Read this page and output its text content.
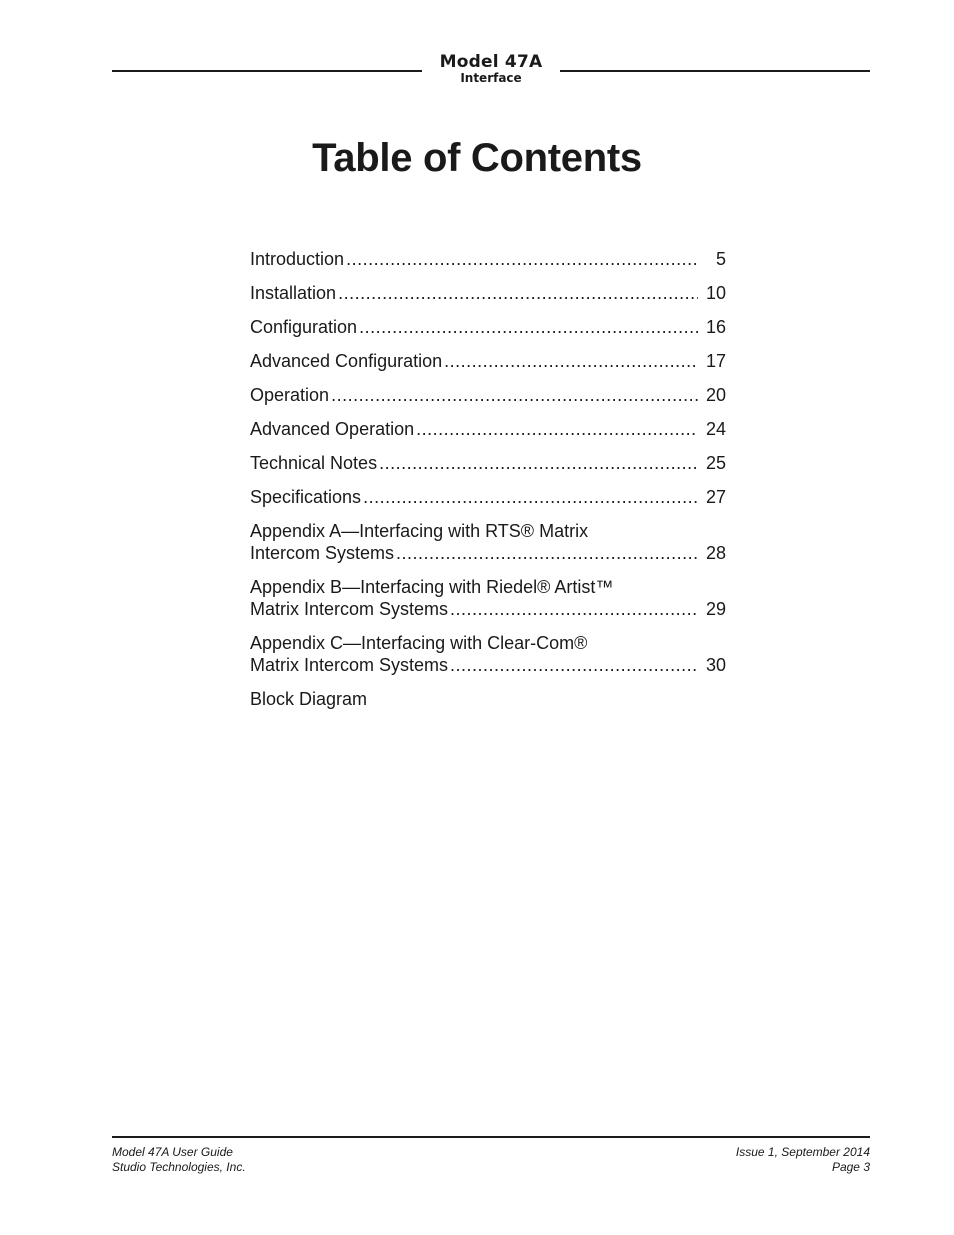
Model 47A
Interface
Table of Contents
Introduction .....	5
Installation .....	10
Configuration .....	16
Advanced Configuration .....	17
Operation .....	20
Advanced Operation .....	24
Technical Notes .....	25
Specifications .....	27
Appendix A—Interfacing with RTS® Matrix
Intercom Systems .....	28
Appendix B—Interfacing with Riedel® Artist™
Matrix Intercom Systems .....	29
Appendix C—Interfacing with Clear-Com®
Matrix Intercom Systems .....	30
Block Diagram
Model 47A User Guide
Studio Technologies, Inc.
Issue 1, September 2014
Page 3
